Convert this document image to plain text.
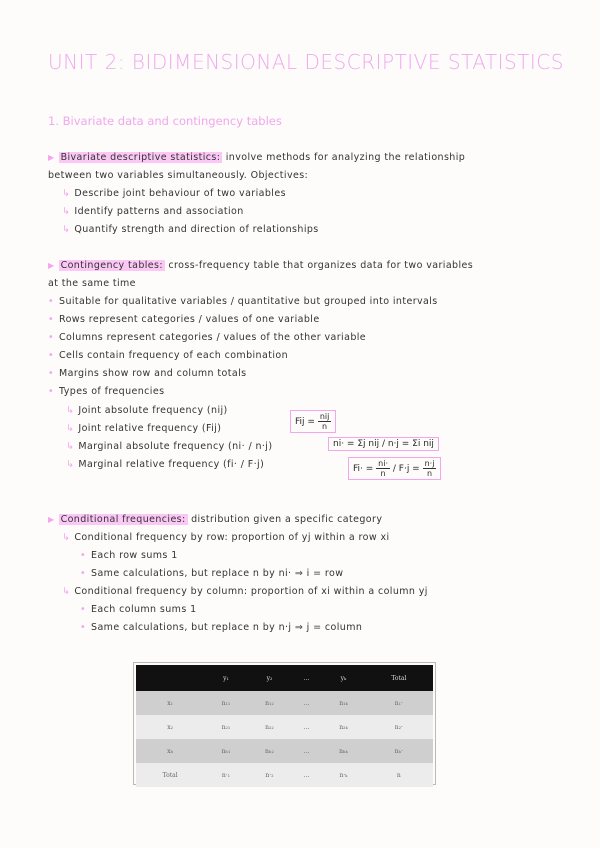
UNIT 2: BIDIMENSIONAL DESCRIPTIVE STATISTICS
1. Bivariate data and contingency tables
▶ Bivariate descriptive statistics: involve methods for analyzing the relationship
between two variables simultaneously. Objectives:
↳ Describe joint behaviour of two variables
↳ Identify patterns and association
↳ Quantify strength and direction of relationships
▶ Contingency tables: cross-frequency table that organizes data for two variables
at the same time
• Suitable for qualitative variables / quantitative but grouped into intervals
• Rows represent categories / values of one variable
• Columns represent categories / values of the other variable
• Cells contain frequency of each combination
• Margins show row and column totals
• Types of frequencies
↳ Joint absolute frequency (nij)
↳ Joint relative frequency (Fij)
↳ Marginal absolute frequency (ni· / n·j)
↳ Marginal relative frequency (fi· / F·j)
Fij = $\frac{\text{nij}}{n}$
ni· = Σj nij / n·j = Σi nij
$Fi\cdot = \frac{ni\cdot}{n} / F\cdot j = \frac{n\cdot j}{n}$
▶ Conditional frequencies: distribution given a specific category
↳ Conditional frequency by row: proportion of yj within a row xi
• Each row sums 1
• Same calculations, but replace n by ni· ⇒ i = row
↳ Conditional frequency by column: proportion of xi within a column yj
• Each column sums 1
• Same calculations, but replace n by n·j ⇒ j = column
	y₁	y₂	...	yₖ	Total
x₁	n₁₁	n₁₂	...	n₁ₖ	n₁·
x₂	n₂₁	n₂₂	...	n₂ₖ	n₂·
xₕ	nₕ₁	nₕ₂	...	nₕₖ	nₕ·
Total	n·₁	n·₂	...	n·ₖ	n
